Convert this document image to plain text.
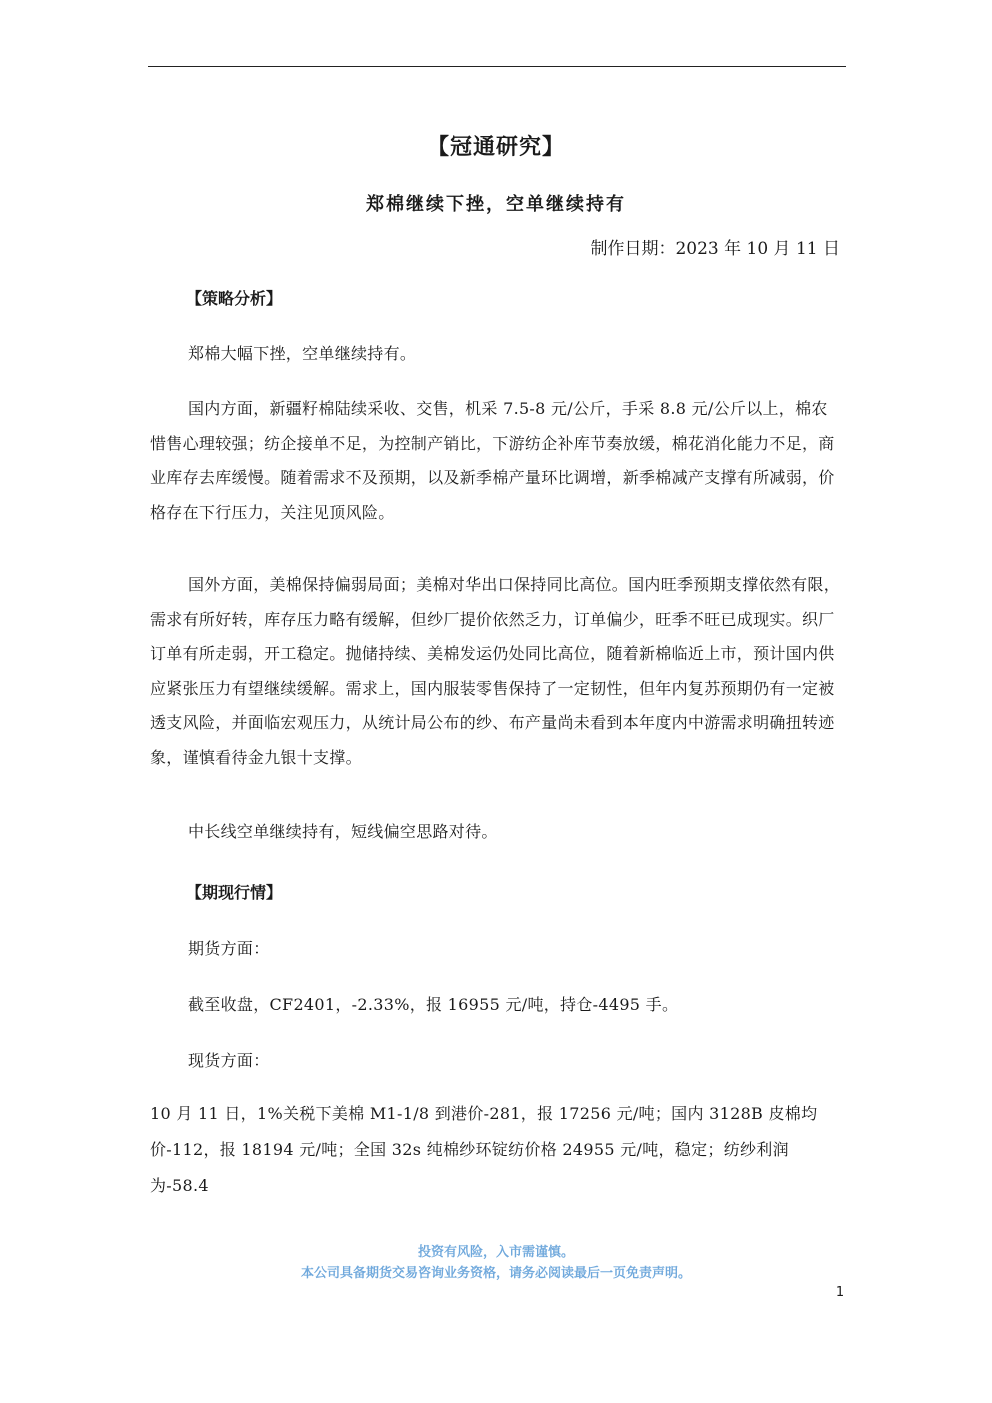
【冠通研究】
郑棉继续下挫，空单继续持有
制作日期：2023 年 10 月 11 日
【策略分析】
郑棉大幅下挫，空单继续持有。
国内方面，新疆籽棉陆续采收、交售，机采 7.5-8 元/公斤，手采 8.8 元/公斤以上，棉农惜售心理较强；纺企接单不足，为控制产销比，下游纺企补库节奏放缓，棉花消化能力不足，商业库存去库缓慢。随着需求不及预期，以及新季棉产量环比调增，新季棉减产支撑有所减弱，价格存在下行压力，关注见顶风险。
国外方面，美棉保持偏弱局面；美棉对华出口保持同比高位。国内旺季预期支撑依然有限，需求有所好转，库存压力略有缓解，但纱厂提价依然乏力，订单偏少，旺季不旺已成现实。织厂订单有所走弱，开工稳定。抛储持续、美棉发运仍处同比高位，随着新棉临近上市，预计国内供应紧张压力有望继续缓解。需求上，国内服装零售保持了一定韧性，但年内复苏预期仍有一定被透支风险，并面临宏观压力，从统计局公布的纱、布产量尚未看到本年度内中游需求明确扭转迹象，谨慎看待金九银十支撑。
中长线空单继续持有，短线偏空思路对待。
【期现行情】
期货方面：
截至收盘，CF2401，-2.33%，报 16955 元/吨，持仓-4495 手。
现货方面：
10 月 11 日，1%关税下美棉 M1-1/8 到港价-281，报 17256 元/吨；国内 3128B 皮棉均价-112，报 18194 元/吨；全国 32s 纯棉纱环锭纺价格 24955 元/吨，稳定；纺纱利润为-58.4
投资有风险，入市需谨慎。
本公司具备期货交易咨询业务资格，请务必阅读最后一页免责声明。
1
